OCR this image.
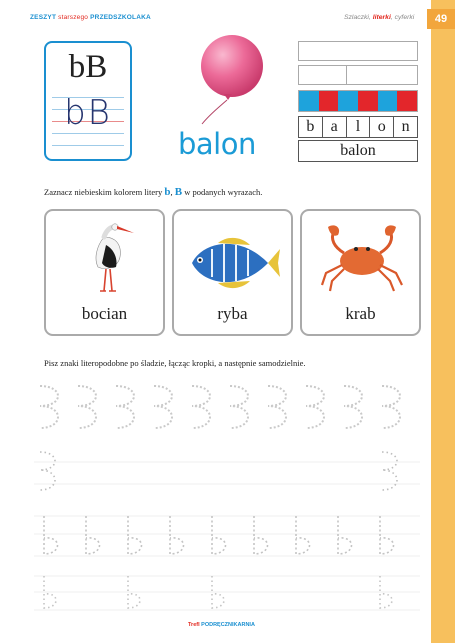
ZESZYT starszego PRZEDSZKOLAKA	Szlaczki, literki, cyferki	49
bB
bB
balon
b	a	l	o n
balon
Zaznacz niebieskim kolorem litery b, B w podanych wyrazach.
bocian	ryba	krab
Pisz znaki literopodobne po śladzie, łącząc kropki, a następnie samodzielnie.
Trefl PODRĘCZNIKARNIA
